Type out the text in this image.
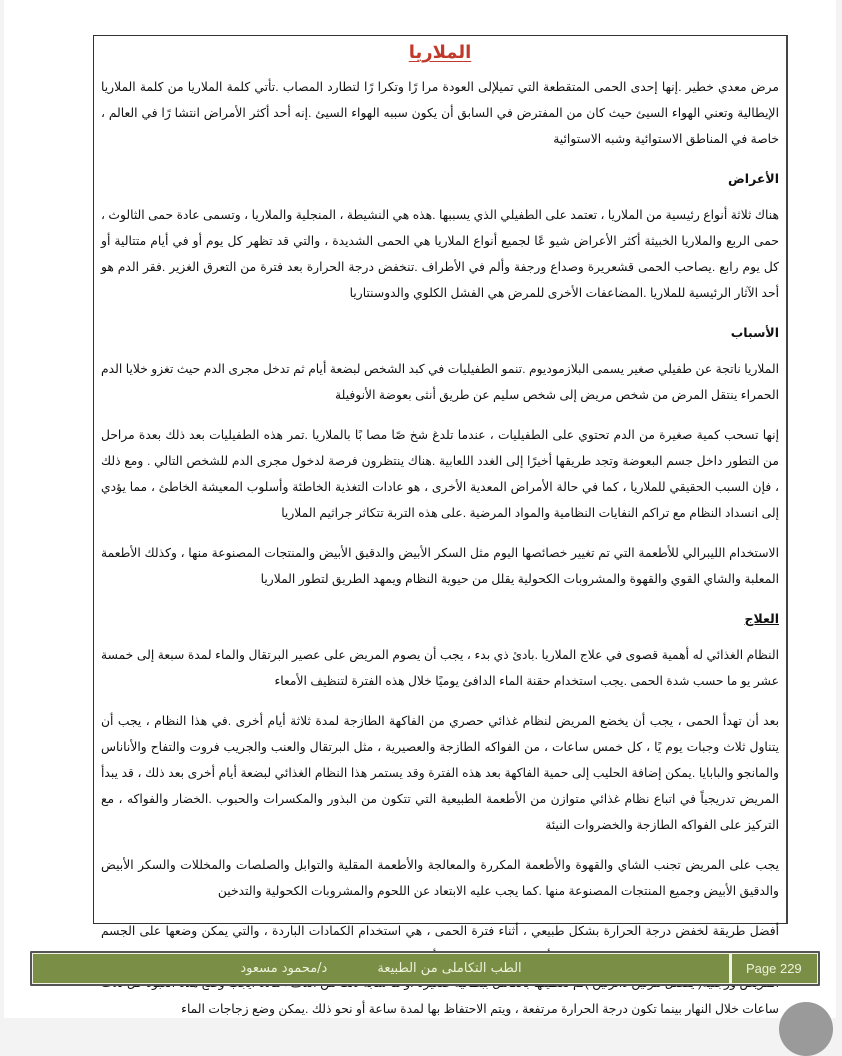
الملاريا

مرض معدي خطير .إنها إحدى الحمى المتقطعة التي تميلإلى العودة مرا رًا وتكرا رًا لتطارد المصاب .تأتي كلمة الملاريا من كلمة الملاريا الإيطالية وتعني الهواء السيئ حيث كان من المفترض في السابق أن يكون سببه الهواء السيئ .إنه أحد أكثر الأمراض انتشا رًا في العالم ، خاصة في المناطق الاستوائية وشبه الاستوائية

الأعراض

هناك ثلاثة أنواع رئيسية من الملاريا ، تعتمد على الطفيلي الذي يسببها .هذه هي النشيطة ، المنجلية والملاريا ، وتسمى عادة حمى الثالوث ، حمى الربع والملاريا الخبيثة أكثر الأعراض شيو عًا لجميع أنواع الملاريا هي الحمى الشديدة ، والتي قد تظهر كل يوم أو في أيام متتالية أو كل يوم رابع .يصاحب الحمى قشعريرة وصداع ورجفة وألم في الأطراف .تنخفض درجة الحرارة بعد فترة من التعرق الغزير .فقر الدم هو أحد الآثار الرئيسية للملاريا .المضاعفات الأخرى للمرض هي الفشل الكلوي والدوسنتاريا

الأسباب

الملاريا ناتجة عن طفيلي صغير يسمى البلازموديوم .تنمو الطفيليات في كبد الشخص لبضعة أيام ثم تدخل مجرى الدم حيث تغزو خلايا الدم الحمراء ينتقل المرض من شخص مريض إلى شخص سليم عن طريق أنثى بعوضة الأنوفيلة

إنها تسحب كمية صغيرة من الدم تحتوي على الطفيليات ، عندما تلدغ شخ صًا مصا بًا بالملاريا .تمر هذه الطفيليات بعد ذلك بعدة مراحل من التطور داخل جسم البعوضة وتجد طريقها أخيرًا إلى الغدد اللعابية .هناك ينتظرون فرصة لدخول مجرى الدم للشخص التالي . ومع ذلك ، فإن السبب الحقيقي للملاريا ، كما في حالة الأمراض المعدية الأخرى ، هو عادات التغذية الخاطئة وأسلوب المعيشة الخاطئ ، مما يؤدي إلى انسداد النظام مع تراكم النفايات النظامية والمواد المرضية .على هذه التربة تتكاثر جراثيم الملاريا

الاستخدام الليبرالي للأطعمة التي تم تغيير خصائصها اليوم مثل السكر الأبيض والدقيق الأبيض والمنتجات المصنوعة منها ، وكذلك الأطعمة المعلبة والشاي القوي والقهوة والمشروبات الكحولية يقلل من حيوية النظام ويمهد الطريق لتطور الملاريا

العلاج

النظام الغذائي له أهمية قصوى في علاج الملاريا .بادئ ذي بدء ، يجب أن يصوم المريض على عصير البرتقال والماء لمدة سبعة إلى خمسة عشر يو ما حسب شدة الحمى .يجب استخدام حقنة الماء الدافئ يوميًا خلال هذه الفترة لتنظيف الأمعاء

بعد أن تهدأ الحمى ، يجب أن يخضع المريض لنظام غذائي حصري من الفاكهة الطازجة لمدة ثلاثة أيام أخرى .في هذا النظام ، يجب أن يتناول ثلاث وجبات يوم يًا ، كل خمس ساعات ، من الفواكه الطازجة والعصيرية ، مثل البرتقال والعنب والجريب فروت والتفاح والأناناس والمانجو والبابايا .يمكن إضافة الحليب إلى حمية الفاكهة بعد هذه الفترة وقد يستمر هذا النظام الغذائي لبضعة أيام أخرى بعد ذلك ، قد يبدأ المريض تدريجياً في اتباع نظام غذائي متوازن من الأطعمة الطبيعية التي تتكون من البذور والمكسرات والحبوب .الخضار والفواكه ، مع التركيز على الفواكه الطازجة والخضروات النيئة

يجب على المريض تجنب الشاي والقهوة والأطعمة المكررة والمعالجة والأطعمة المقلية والتوابل والصلصات والمخللات والسكر الأبيض والدقيق الأبيض وجميع المنتجات المصنوعة منها .كما يجب عليه الابتعاد عن اللحوم والمشروبات الكحولية والتدخين

أفضل طريقة لخفض درجة الحرارة بشكل طبيعي ، أثناء فترة الحمى ، هي استخدام الكمادات الباردة ، والتي يمكن وضعها على الجسم ساعات خلال النهار بينما تكون درجة الحرارة مرتفعة ، ويتم الاحتفاظ بها لمدة ساعة أو نحو ذلك .يمكن وضع زجاجات الماء

الطب التكاملى من الطبيعة
د/محمود مسعود	Page 229
